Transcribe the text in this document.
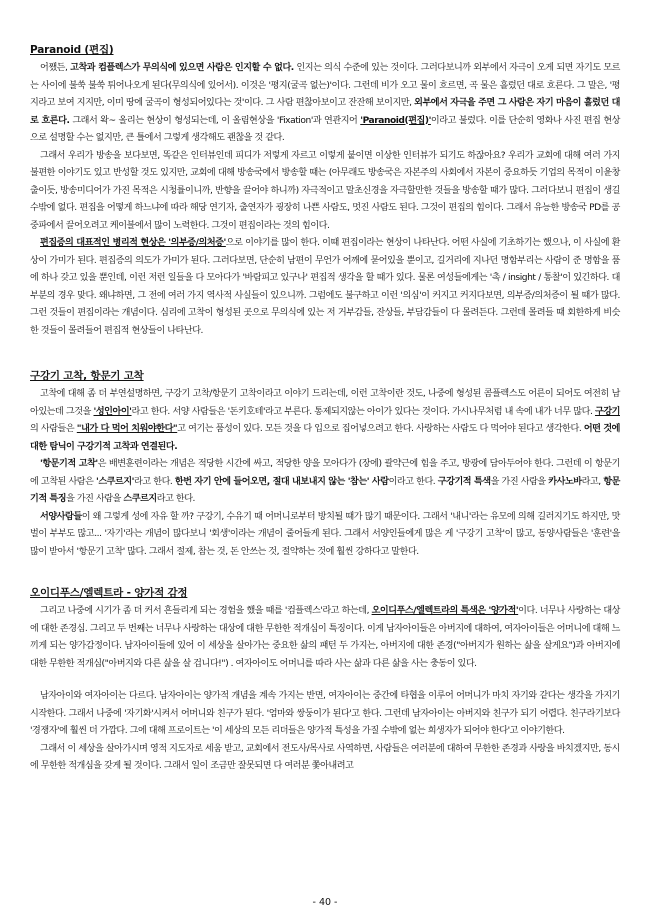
Paranoid (편집)

어쨌든, 고착과 컴플렉스가 무의식에 있으면 사람은 인지할 수 없다. 인지는 의식 수준에 있는 것이다. 그러다보니까 외부에서 자극이 오게 되면 자기도 모르는 사이에 불쑥 불쑥 튀어나오게 된다(무의식에 있어서). 이것은 '평지(굴곡 없는)'이다. 그런데 비가 오고 물이 흐르면, 곡 물은 흘렀던 대로 흐른다. 그 말은, '평지라고 보여 지지만, 이미 땅에 굴곡이 형성되어있다는 것'이다. 그 사람 편찮아보이고 잔잔해 보이지만, 외부에서 자극을 주면 그 사람은 자기 마음이 흘렀던 대로 흐른다. 그래서 왁~ 올리는 현상이 형성되는데, 이 올림현상을 'Fixation'과 연관지어 'Paranoid(편집)'이라고 불렀다. 이를 단순히 영화나 사진 편집 현상으로 설명할 수는 없지만, 큰 틀에서 그렇게 생각해도 괜찮을 것 같다.

그래서 우리가 방송을 보다보면, 똑같은 인터뷰인데 피디가 저렇게 자르고 이렇게 붙이면 이상한 인터뷰가 되기도 하잖아요? 우리가 교회에 대해 여러 가지 불편한 이야기도 있고 반성할 것도 있지만, 교회에 대해 방송국에서 방송할 때는 (아무래도 방송국은 자본주의 사회에서 자본이 중요하듯 기업의 목적이 이윤창출이듯, 방송미디어가 가진 목적은 시청률이니까, 반향을 끌어야 하니까) 자극적이고 말초신경을 자극할만한 것들을 방송할 때가 많다. 그러다보니 편집이 생길 수밖에 없다. 편집을 어떻게 하느냐에 따라 해당 연기자, 출연자가 굉장히 나쁜 사람도, 멋진 사람도 된다. 그것이 편집의 힘이다. 그래서 유능한 방송국 PD를 공중파에서 끌어오려고 케이블에서 많이 노력한다. 그것이 편집이라는 것의 힘이다.

편집증의 대표적인 병리적 현상은 '의부증/의처증'으로 이야기를 많이 한다. 이때 편집이라는 현상이 나타난다. 어떤 사실에 기초하기는 했으나, 이 사실에 환상이 가미가 된다. 편집증의 의도가 가미가 된다. 그러다보면, 단순히 남편이 무언가 어깨에 묻어있을 뿐이고, 길거리에 지나던 명함부리는 사람이 준 명함을 품에 하나 갖고 있을 뿐인데, 이런 저런 일들을 다 모아다가 '바람피고 있구나' 편집적 생각을 할 때가 있다. 물론 여성들에게는 '촉 / insight / 통찰'이 있긴하다. 대부분의 경우 맞다. 왜냐하면, 그 전에 여러 가지 역사적 사실들이 있으니까. 그럼에도 불구하고 이런 '의심'이 커지고 커지다보면, 의부증/의처증이 될 때가 많다. 그런 것들이 편집이라는 개념이다. 심리에 고착이 형성된 곳으로 무의식에 있는 저 거부감들, 잔상들, 부담감들이 다 몰려든다. 그런데 몰려들 때 회한하게 비슷한 것들이 몰려들어 편집적 현상들이 나타난다.

구강기 고착, 항문기 고착

고착에 대해 좀 더 부연설명하면, 구강기 고착/항문기 고착이라고 이야기 드리는데, 이런 고착이란 것도, 나중에 형성된 콤플렉스도 어른이 되어도 여전히 남아있는데 그것을 '성인아이'라고 한다. 서양 사람들은 '돈키호테'라고 부른다. 통제되지않는 아이가 있다는 것이다. 가시나무처럼 내 속에 내가 너무 많다. 구강기의 사람들은 "내가 다 먹어 치워야한다"고 여기는 품성이 있다. 모든 것을 다 입으로 집어넣으려고 한다. 사랑하는 사람도 다 먹어야 된다고 생각한다. 어떤 것에 대한 탐닉이 구강기적 고착과 연결된다.

'항문기적 고착'은 배변훈련이라는 개념은 적당한 시간에 싸고, 적당한 양을 모아다가 (장에) 괄약근에 힘을 주고, 방광에 담아두어야 한다. 그런데 이 항문기에 고착된 사람은 '스쿠르지'라고 한다. 한번 자기 안에 들어오면, 절대 내보내지 않는 '참는' 사람이라고 한다. 구강기적 특색을 가진 사람을 카사노바라고, 항문기적 특징을 가진 사람을 스쿠르지라고 한다.

서양사람들이 왜 그렇게 성에 자유 할 까? 구강기, 수유기 때 어머니로부터 방치될 때가 많기 때문이다. 그래서 '내니'라는 유모에 의해 길러지기도 하지만, 맛벌이 부부도 많고... '자기'라는 개념이 많다보니 '회생'이라는 개념이 줄어들게 된다. 그래서 서양인들에게 많은 게 '구강기 고착'이 많고, 동양사람들은 '훈련'을 많이 받아서 '항문기 고착' 많다. 그래서 절제, 참는 것, 돈 안쓰는 것, 절약하는 것에 훨씬 강하다고 말한다.

오이디푸스/엘렉트라 - 양가적 감정

그리고 나중에 시기가 좀 더 커서 흔들리게 되는 경험을 했을 때를 '컴플렉스'라고 하는데, 오이디푸스/엘렉트라의 특색은 '양가적'이다. 너무나 사랑하는 대상에 대한 존경심. 그리고 두 번째는 너무나 사랑하는 대상에 대한 무한한 적개심이 특징이다. 이게 남자아이들은 아버지에 대하여, 여자아이들은 어머니에 대해 느끼게 되는 양가감정이다. 남자아이들에 있어 이 세상을 살아가는 중요한 삶의 패턴 두 가지는, 아버지에 대한 존경("아버지가 원하는 삶을 살게요")과 아버지에 대한 무한한 적개심("아버지와 다른 삶을 살 겁니다!") . 여자아이도 어머니를 따라 사는 삶과 다른 삶을 사는 충동이 있다.

남자아이와 여자아이는 다르다. 남자아이는 양가적 개념을 계속 가지는 반면, 여자아이는 중간에 타협을 이루어 어머니가 마치 자기와 같다는 생각을 가지기 시작한다. 그래서 나중에 '자기화'시켜서 어머니와 친구가 된다. '엄마와 쌍둥이가 된다'고 한다. 그런데 남자아이는 아버지와 친구가 되기 어렵다. 친구라기보다 '경쟁자'에 훨씬 더 가깝다. 그에 대해 프로이트는 '이 세상의 모든 리더들은 양가적 특성을 가질 수밖에 없는 희생자가 되어야 한다'고 이야기한다.

그래서 이 세상을 살아가시며 영적 지도자로 세움 받고, 교회에서 전도사/목사로 사역하면, 사람들은 여러분에 대하여 무한한 존경과 사랑을 바치겠지만, 동시에 무한한 적개심을 갖게 될 것이다. 그래서 일이 조금만 잘못되면 다 여러분 쫓아내려고

- 40 -
